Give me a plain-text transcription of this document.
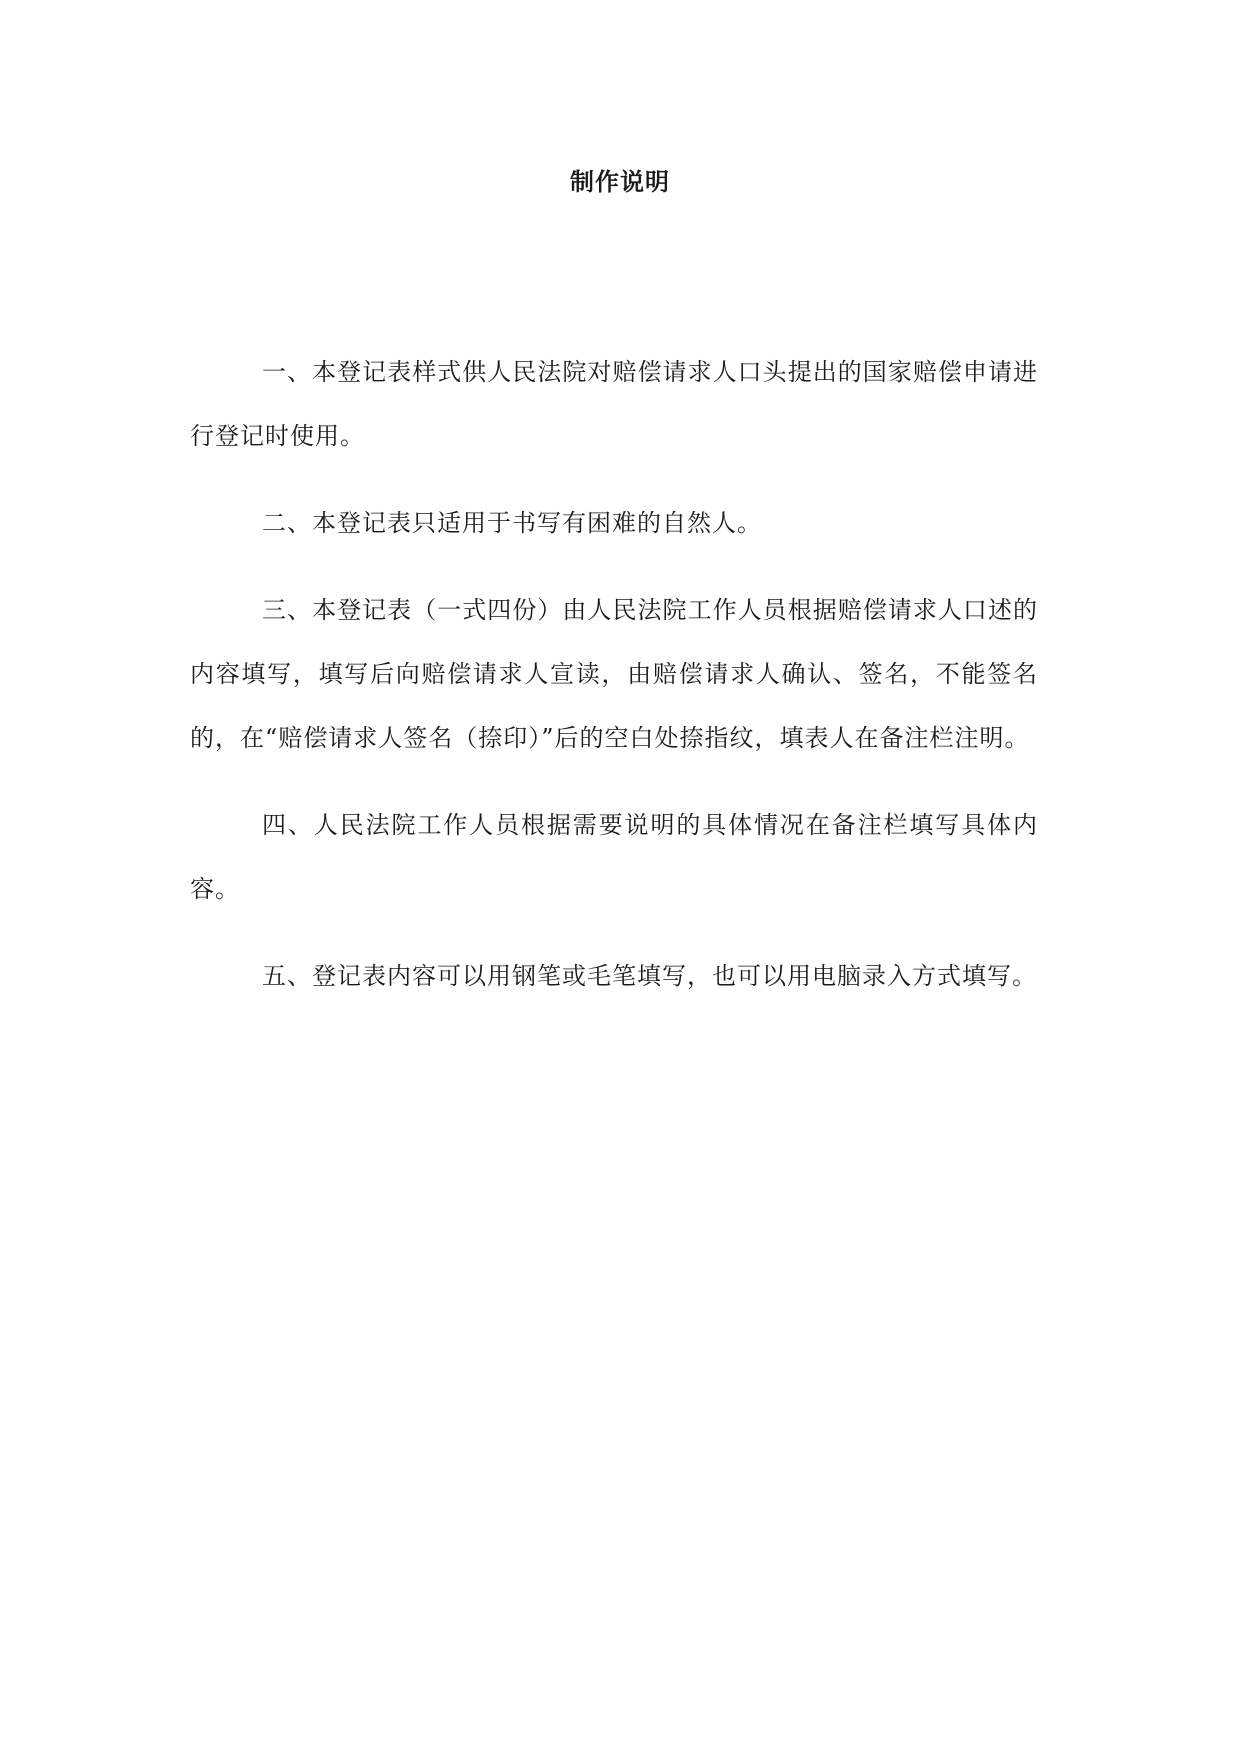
制作说明

一、本登记表样式供人民法院对赔偿请求人口头提出的国家赔偿申请进行登记时使用。

二、本登记表只适用于书写有困难的自然人。

三、本登记表（一式四份）由人民法院工作人员根据赔偿请求人口述的内容填写，填写后向赔偿请求人宣读，由赔偿请求人确认、签名，不能签名的，在“赔偿请求人签名（捺印）”后的空白处捺指纹，填表人在备注栏注明。

四、人民法院工作人员根据需要说明的具体情况在备注栏填写具体内容。

五、登记表内容可以用钢笔或毛笔填写，也可以用电脑录入方式填写。
